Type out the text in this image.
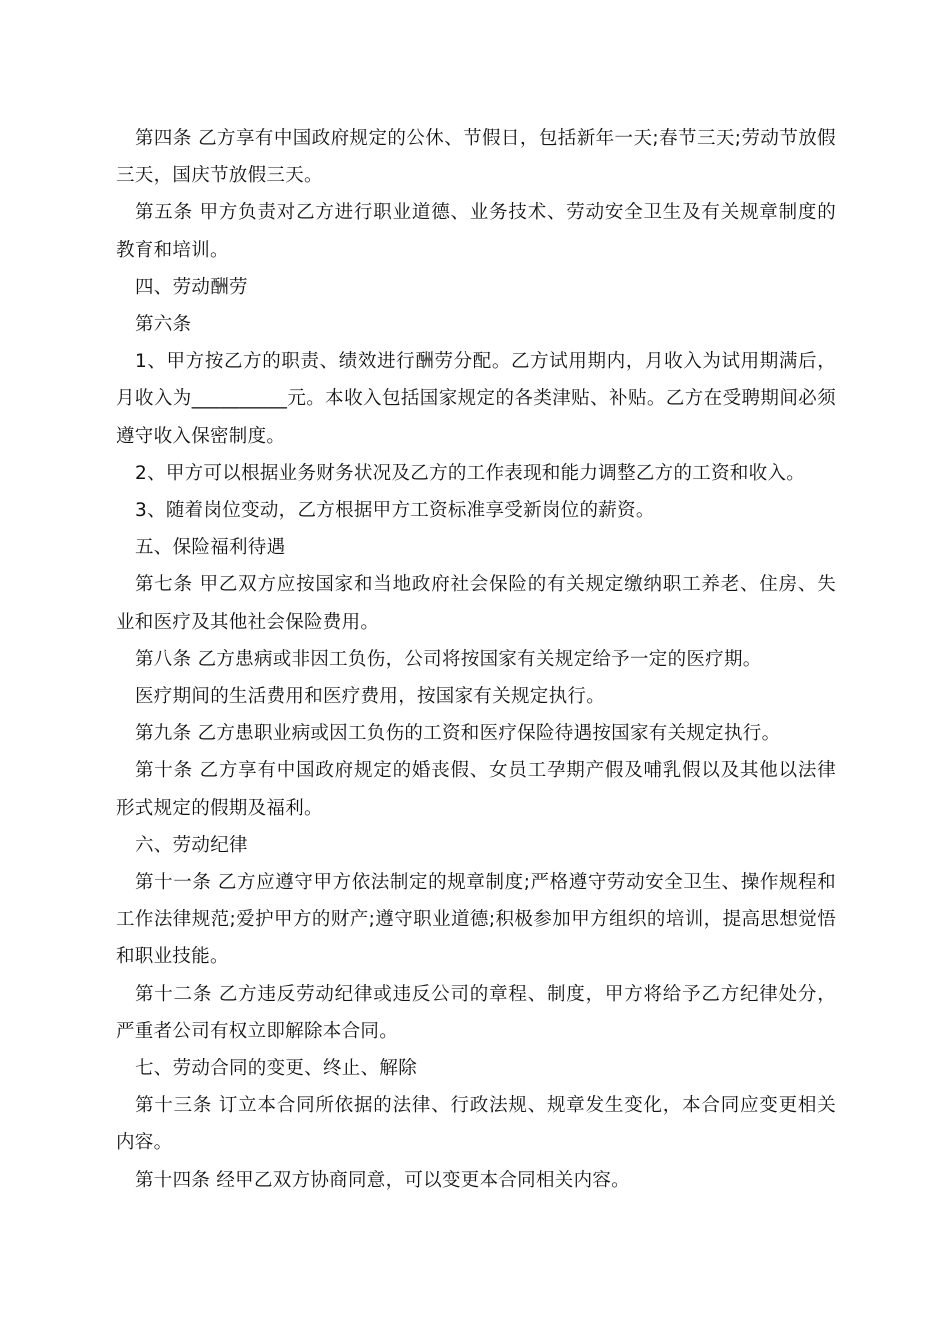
第四条 乙方享有中国政府规定的公休、节假日，包括新年一天;春节三天;劳动节放假三天，国庆节放假三天。

第五条 甲方负责对乙方进行职业道德、业务技术、劳动安全卫生及有关规章制度的教育和培训。

四、劳动酬劳

第六条

1、甲方按乙方的职责、绩效进行酬劳分配。乙方试用期内，月收入为试用期满后，月收入为__________元。本收入包括国家规定的各类津贴、补贴。乙方在受聘期间必须遵守收入保密制度。

2、甲方可以根据业务财务状况及乙方的工作表现和能力调整乙方的工资和收入。

3、随着岗位变动，乙方根据甲方工资标准享受新岗位的薪资。

五、保险福利待遇

第七条 甲乙双方应按国家和当地政府社会保险的有关规定缴纳职工养老、住房、失业和医疗及其他社会保险费用。

第八条 乙方患病或非因工负伤，公司将按国家有关规定给予一定的医疗期。

医疗期间的生活费用和医疗费用，按国家有关规定执行。

第九条 乙方患职业病或因工负伤的工资和医疗保险待遇按国家有关规定执行。

第十条 乙方享有中国政府规定的婚丧假、女员工孕期产假及哺乳假以及其他以法律形式规定的假期及福利。

六、劳动纪律

第十一条 乙方应遵守甲方依法制定的规章制度;严格遵守劳动安全卫生、操作规程和工作法律规范;爱护甲方的财产;遵守职业道德;积极参加甲方组织的培训，提高思想觉悟和职业技能。

第十二条 乙方违反劳动纪律或违反公司的章程、制度，甲方将给予乙方纪律处分，严重者公司有权立即解除本合同。

七、劳动合同的变更、终止、解除

第十三条 订立本合同所依据的法律、行政法规、规章发生变化，本合同应变更相关内容。

第十四条 经甲乙双方协商同意，可以变更本合同相关内容。
